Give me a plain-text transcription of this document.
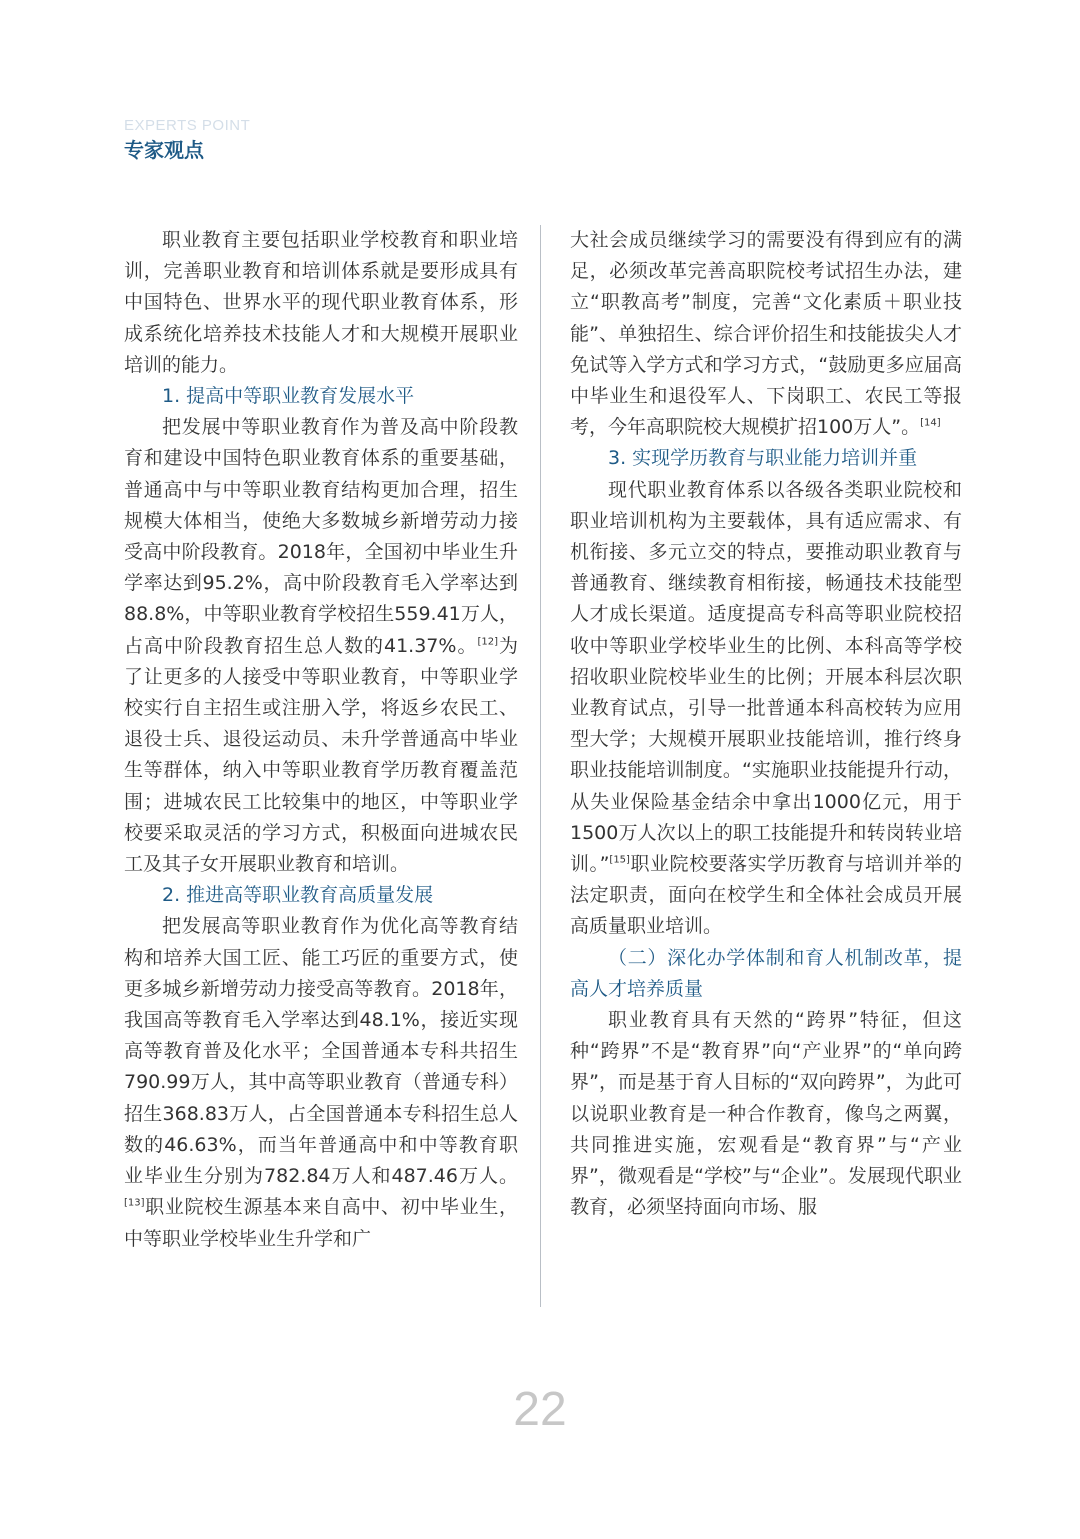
EXPERTS POINT
专家观点

职业教育主要包括职业学校教育和职业培训，完善职业教育和培训体系就是要形成具有中国特色、世界水平的现代职业教育体系，形成系统化培养技术技能人才和大规模开展职业培训的能力。

1. 提高中等职业教育发展水平

把发展中等职业教育作为普及高中阶段教育和建设中国特色职业教育体系的重要基础，普通高中与中等职业教育结构更加合理，招生规模大体相当，使绝大多数城乡新增劳动力接受高中阶段教育。2018年，全国初中毕业生升学率达到95.2%，高中阶段教育毛入学率达到88.8%，中等职业教育学校招生559.41万人，占高中阶段教育招生总人数的41.37%。[12]为了让更多的人接受中等职业教育，中等职业学校实行自主招生或注册入学，将返乡农民工、退役士兵、退役运动员、未升学普通高中毕业生等群体，纳入中等职业教育学历教育覆盖范围；进城农民工比较集中的地区，中等职业学校要采取灵活的学习方式，积极面向进城农民工及其子女开展职业教育和培训。

2. 推进高等职业教育高质量发展

把发展高等职业教育作为优化高等教育结构和培养大国工匠、能工巧匠的重要方式，使更多城乡新增劳动力接受高等教育。2018年，我国高等教育毛入学率达到48.1%，接近实现高等教育普及化水平；全国普通本专科共招生790.99万人，其中高等职业教育（普通专科）招生368.83万人，占全国普通本专科招生总人数的46.63%，而当年普通高中和中等教育职业毕业生分别为782.84万人和487.46万人。[13]职业院校生源基本来自高中、初中毕业生，中等职业学校毕业生升学和广

大社会成员继续学习的需要没有得到应有的满足，必须改革完善高职院校考试招生办法，建立“职教高考”制度，完善“文化素质＋职业技能”、单独招生、综合评价招生和技能拔尖人才免试等入学方式和学习方式，“鼓励更多应届高中毕业生和退役军人、下岗职工、农民工等报考，今年高职院校大规模扩招100万人”。[14]

3. 实现学历教育与职业能力培训并重

现代职业教育体系以各级各类职业院校和职业培训机构为主要载体，具有适应需求、有机衔接、多元立交的特点，要推动职业教育与普通教育、继续教育相衔接，畅通技术技能型人才成长渠道。适度提高专科高等职业院校招收中等职业学校毕业生的比例、本科高等学校招收职业院校毕业生的比例；开展本科层次职业教育试点，引导一批普通本科高校转为应用型大学；大规模开展职业技能培训，推行终身职业技能培训制度。“实施职业技能提升行动，从失业保险基金结余中拿出1000亿元，用于1500万人次以上的职工技能提升和转岗转业培训。”[15]职业院校要落实学历教育与培训并举的法定职责，面向在校学生和全体社会成员开展高质量职业培训。

（二）深化办学体制和育人机制改革，提高人才培养质量

职业教育具有天然的“跨界”特征，但这种“跨界”不是“教育界”向“产业界”的“单向跨界”，而是基于育人目标的“双向跨界”，为此可以说职业教育是一种合作教育，像鸟之两翼，共同推进实施，宏观看是“教育界”与“产业界”，微观看是“学校”与“企业”。发展现代职业教育，必须坚持面向市场、服

22
